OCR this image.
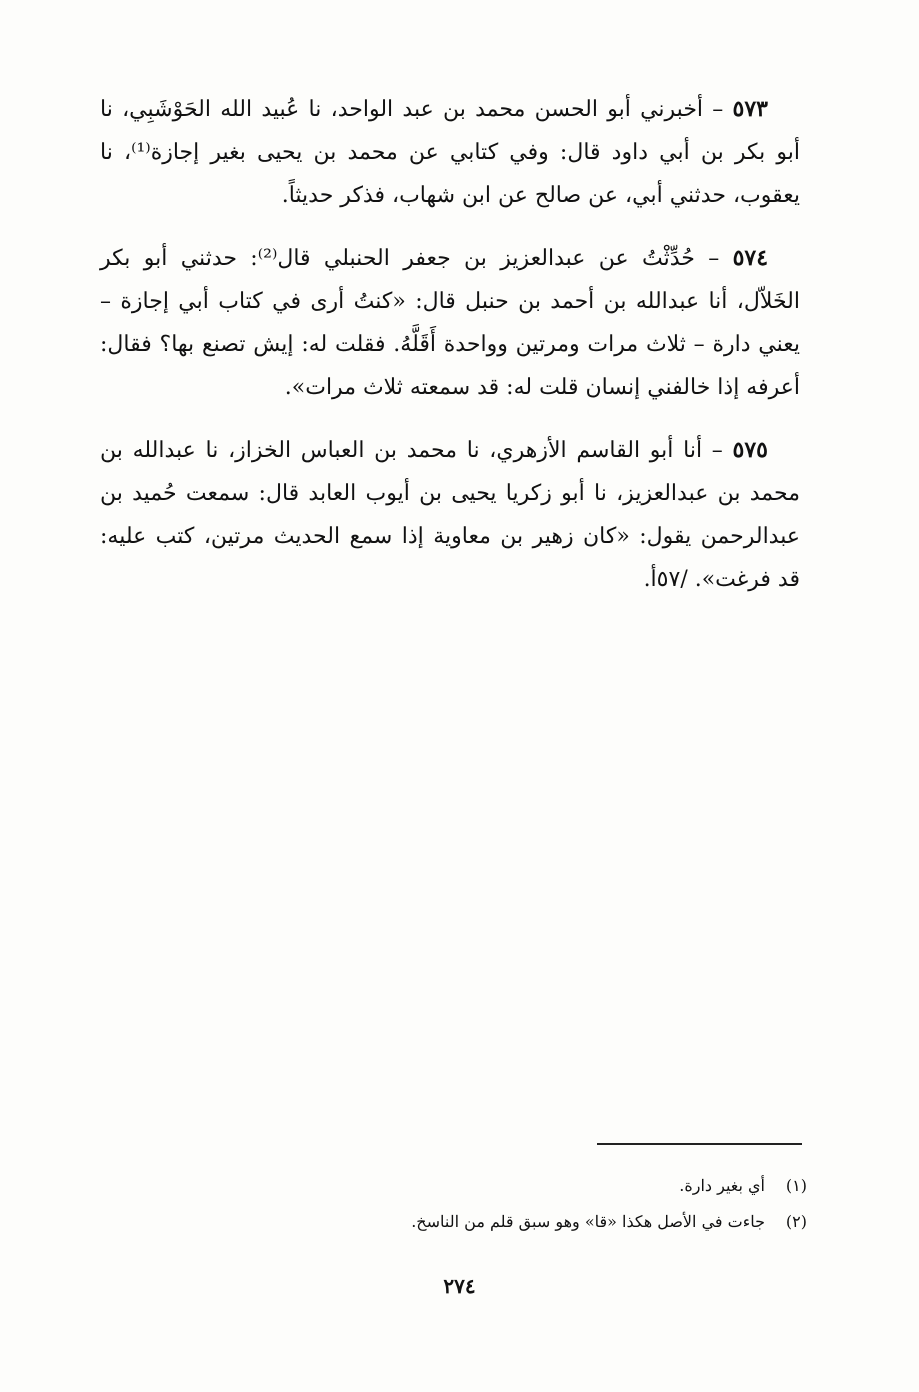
٥٧٣ – أخبرني أبو الحسن محمد بن عبد الواحد، نا عُبيد الله الحَوْشَبِي، نا أبو بكر بن أبي داود قال: وفي كتابي عن محمد بن يحيى بغير إجازة⁽¹⁾، نا يعقوب، حدثني أبي، عن صالح عن ابن شهاب، فذكر حديثاً.

٥٧٤ – حُدِّثْتُ عن عبدالعزيز بن جعفر الحنبلي قال⁽²⁾: حدثني أبو بكر الخَلاّل، أنا عبدالله بن أحمد بن حنبل قال: «كنتُ أرى في كتاب أبي إجازة – يعني دارة – ثلاث مرات ومرتين وواحدة أَقَلَّهُ. فقلت له: إيش تصنع بها؟ فقال: أعرفه إذا خالفني إنسان قلت له: قد سمعته ثلاث مرات».

٥٧٥ – أنا أبو القاسم الأزهري، نا محمد بن العباس الخزاز، نا عبدالله بن محمد بن عبدالعزيز، نا أبو زكريا يحيى بن أيوب العابد قال: سمعت حُميد بن عبدالرحمن يقول: «كان زهير بن معاوية إذا سمع الحديث مرتين، كتب عليه: قد فرغت». /٥٧أ.

(١)
أي بغير دارة.
(٢)
جاءت في الأصل هكذا «قا» وهو سبق قلم من الناسخ.
٢٧٤
